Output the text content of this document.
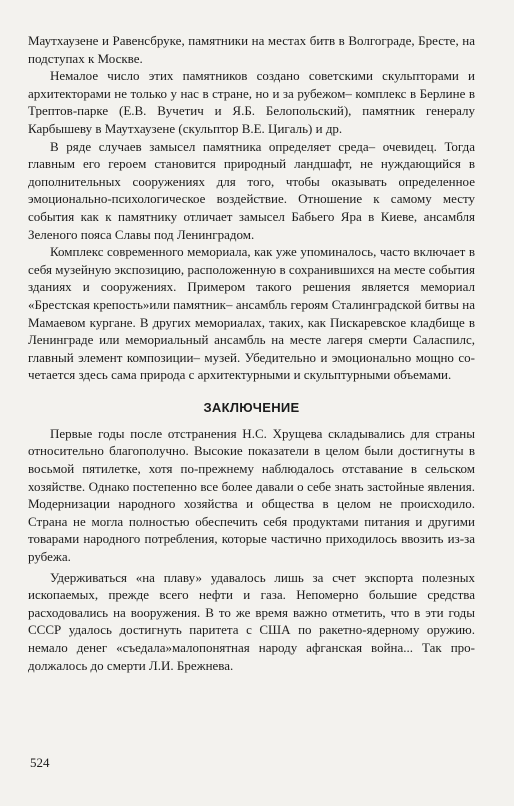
Маутхаузене и Равенсбруке, памятники на местах битв в Волгограде, Бресте, на подступах к Москве.

Немалое число этих памятников создано советскими скульпторами и архитекторами не только у нас в стране, но и за рубежом– комплекс в Берлине в Трептов-парке (Е.В. Вучетич и Я.Б. Белопольский), памятник генералу Карбышеву в Маутхаузене (скульптор В.Е. Цигаль) и др.

В ряде случаев замысел памятника определяет среда– очевидец. Тогда главным его героем становится природный ландшафт, не нуждающийся в дополнительных сооружениях для того, чтобы оказывать определенное эмоционально-психологическое воздействие. Отношение к самому месту события как к памятнику отличает замысел Бабьего Яра в Киеве, ансамбля Зеленого пояса Славы под Ленинградом.

Комплекс современного мемориала, как уже упоминалось, часто включает в себя музейную экспозицию, расположенную в сохранившихся на месте события зданиях и сооружениях. Примером такого решения является мемориал «Брестская крепость»или памятник– ансамбль героям Сталинградской битвы на Мамаевом кургане. В других мемориалах, таких, как Пискаревское кладбище в Ленинграде или мемориальный ансамбль на месте лагеря смерти Саласпилс, главный элемент композиции– музей. Убедительно и эмоционально мощно сочетается здесь сама природа с архитектурными и скульптурными объемами.

ЗАКЛЮЧЕНИЕ

Первые годы после отстранения Н.С. Хрущева складывались для страны относительно благополучно. Высокие показатели в целом были достигнуты в восьмой пятилетке, хотя по-прежнему наблюдалось отставание в сельском хозяйстве. Однако постепенно все более давали о себе знать застойные явления. Модернизации народного хозяйства и общества в целом не происходило. Страна не могла полностью обеспечить себя продуктами питания и другими товарами народного потребления, которые частично приходилось ввозить из-за рубежа.

Удерживаться «на плаву» удавалось лишь за счет экспорта полезных ископаемых, прежде всего нефти и газа. Непомерно большие средства расходовались на вооружения. В то же время важно отметить, что в эти годы СССР удалось достигнуть паритета с США по ракетно-ядерному оружию. немало денег «съедала»малопонятная народу афганская война... Так продолжалось до смерти Л.И. Брежнева.

524
